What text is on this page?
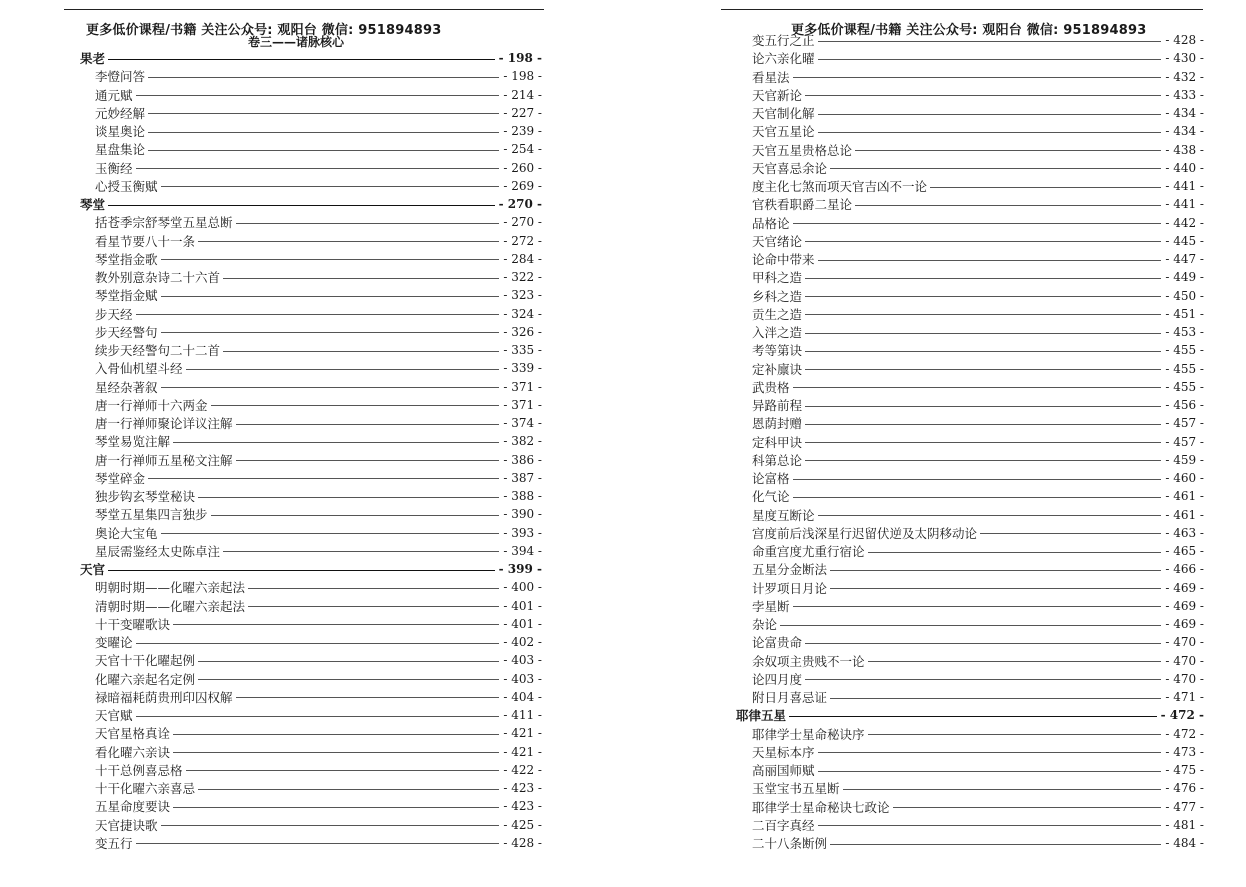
更多低价课程/书籍 关注公众号: 观阳台 微信: 951894893
卷三——诸脉核心
果老	- 198 -
李憕问答	- 198 -
通元赋	- 214 -
元妙经解	- 227 -
谈星奥论	- 239 -
星盘集论	- 254 -
玉衡经	- 260 -
心授玉衡赋	- 269 -
琴堂	- 270 -
括苍季宗舒琴堂五星总断	- 270 -
看星节要八十一条	- 272 -
琴堂指金歌	- 284 -
教外别意杂诗二十六首	- 322 -
琴堂指金赋	- 323 -
步天经	- 324 -
步天经警句	- 326 -
续步天经警句二十二首	- 335 -
入骨仙机望斗经	- 339 -
星经杂著叙	- 371 -
唐一行禅师十六两金	- 371 -
唐一行禅师聚论详议注解	- 374 -
琴堂易览注解	- 382 -
唐一行禅师五星秘文注解	- 386 -
琴堂碎金	- 387 -
独步钩玄琴堂秘诀	- 388 -
琴堂五星集四言独步	- 390 -
奥论大宝龟	- 393 -
星辰需鉴经太史陈卓注	- 394 -
天官	- 399 -
明朝时期——化曜六亲起法	- 400 -
清朝时期——化曜六亲起法	- 401 -
十干变曜歌诀	- 401 -
变曜论	- 402 -
天官十干化曜起例	- 403 -
化曜六亲起名定例	- 403 -
禄暗福耗荫贵刑印囚权解	- 404 -
天官赋	- 411 -
天官星格真诠	- 421 -
看化曜六亲诀	- 421 -
十干总例喜忌格	- 422 -
十干化曜六亲喜忌	- 423 -
五星命度要诀	- 423 -
天官捷诀歌	- 425 -
变五行	- 428 -
更多低价课程/书籍 关注公众号: 观阳台 微信: 951894893
变五行之正	- 428 -
论六亲化曜	- 430 -
看星法	- 432 -
天官新论	- 433 -
天官制化解	- 434 -
天官五星论	- 434 -
天官五星贵格总论	- 438 -
天官喜忌余论	- 440 -
度主化七煞而项天官吉凶不一论	- 441 -
官秩看职爵二星论	- 441 -
品格论	- 442 -
天官绪论	- 445 -
论命中带来	- 447 -
甲科之造	- 449 -
乡科之造	- 450 -
贡生之造	- 451 -
入泮之造	- 453 -
考等第诀	- 455 -
定补廪诀	- 455 -
武贵格	- 455 -
异路前程	- 456 -
恩荫封赠	- 457 -
定科甲诀	- 457 -
科第总论	- 459 -
论富格	- 460 -
化气论	- 461 -
星度互断论	- 461 -
宫度前后浅深星行迟留伏逆及太阴移动论	- 463 -
命重宫度尤重行宿论	- 465 -
五星分金断法	- 466 -
计罗项日月论	- 469 -
孛星断	- 469 -
杂论	- 469 -
论富贵命	- 470 -
余奴项主贵贱不一论	- 470 -
论四月度	- 470 -
附日月喜忌证	- 471 -
耶律五星	- 472 -
耶律学士星命秘诀序	- 472 -
天星标本序	- 473 -
高丽国师赋	- 475 -
玉堂宝书五星断	- 476 -
耶律学士星命秘诀七政论	- 477 -
二百字真经	- 481 -
二十八条断例	- 484 -
